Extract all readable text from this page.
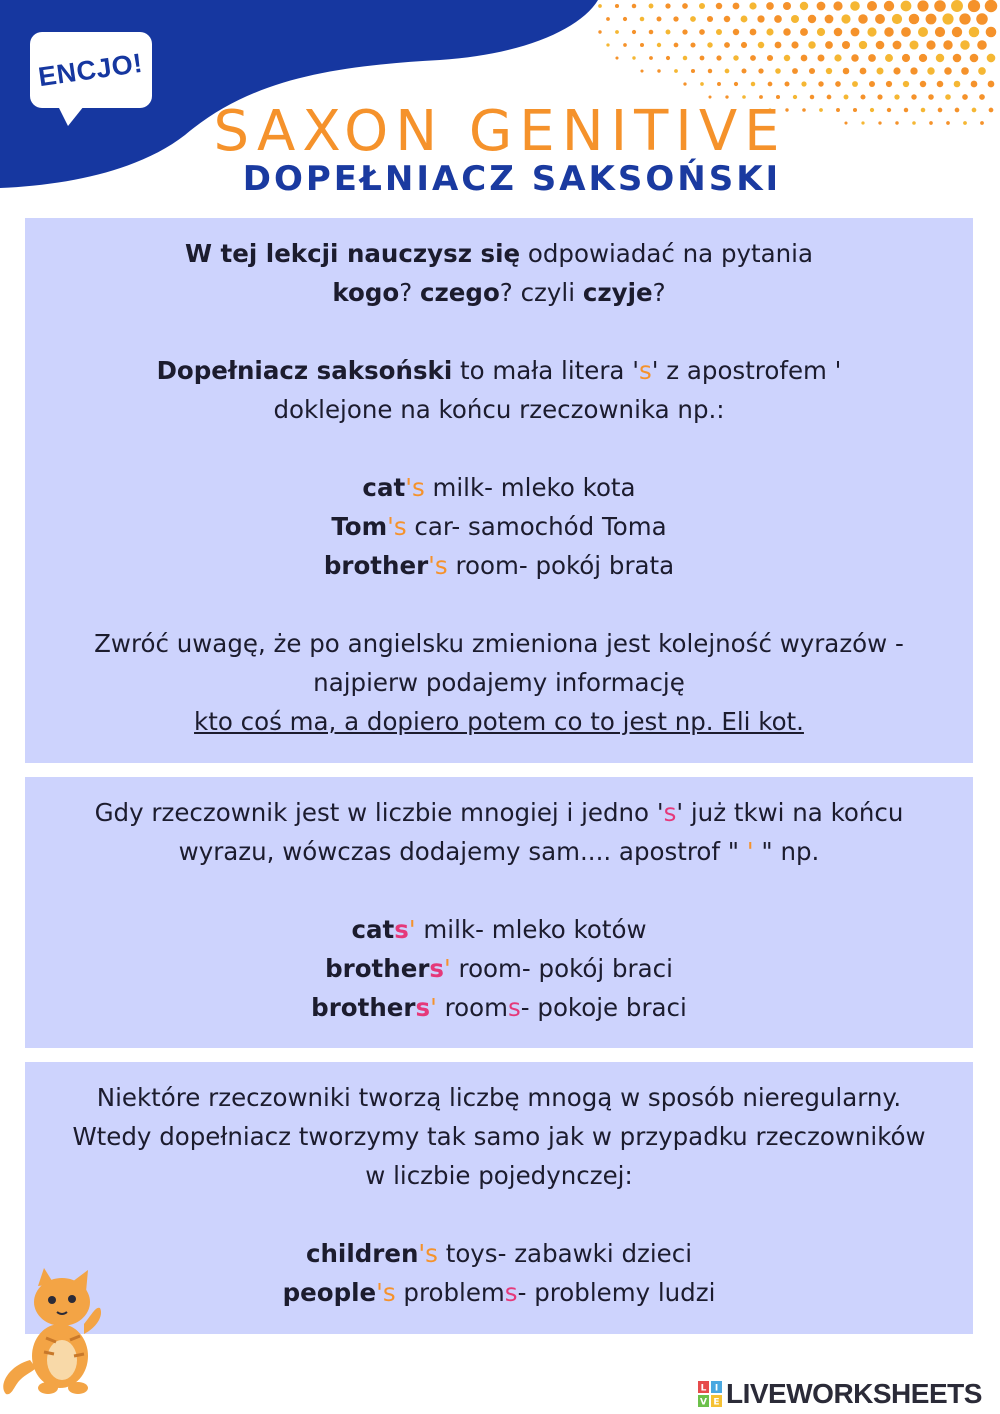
ENCJO!
SAXON GENITIVE
DOPEŁNIACZ SAKSOŃSKI
W tej lekcji nauczysz się odpowiadać na pytania
kogo? czego? czyli czyje?
Dopełniacz saksoński to mała litera 's' z apostrofem '
doklejone na końcu rzeczownika np.:
cat's milk- mleko kota
Tom's car- samochód Toma
brother's room- pokój brata
Zwróć uwagę, że po angielsku zmieniona jest kolejność wyrazów -
najpierw podajemy informację
kto coś ma, a dopiero potem co to jest np. Eli kot.
Gdy rzeczownik jest w liczbie mnogiej i jedno 's' już tkwi na końcu
wyrazu, wówczas dodajemy sam.... apostrof " ' " np.
cats' milk- mleko kotów
brothers' room- pokój braci
brothers' rooms- pokoje braci
Niektóre rzeczowniki tworzą liczbę mnogą w sposób nieregularny.
Wtedy dopełniacz tworzymy tak samo jak w przypadku rzeczowników
w liczbie pojedynczej:
children's toys- zabawki dzieci
people's problems- problemy ludzi
L I
V E LIVEWORKSHEETS
